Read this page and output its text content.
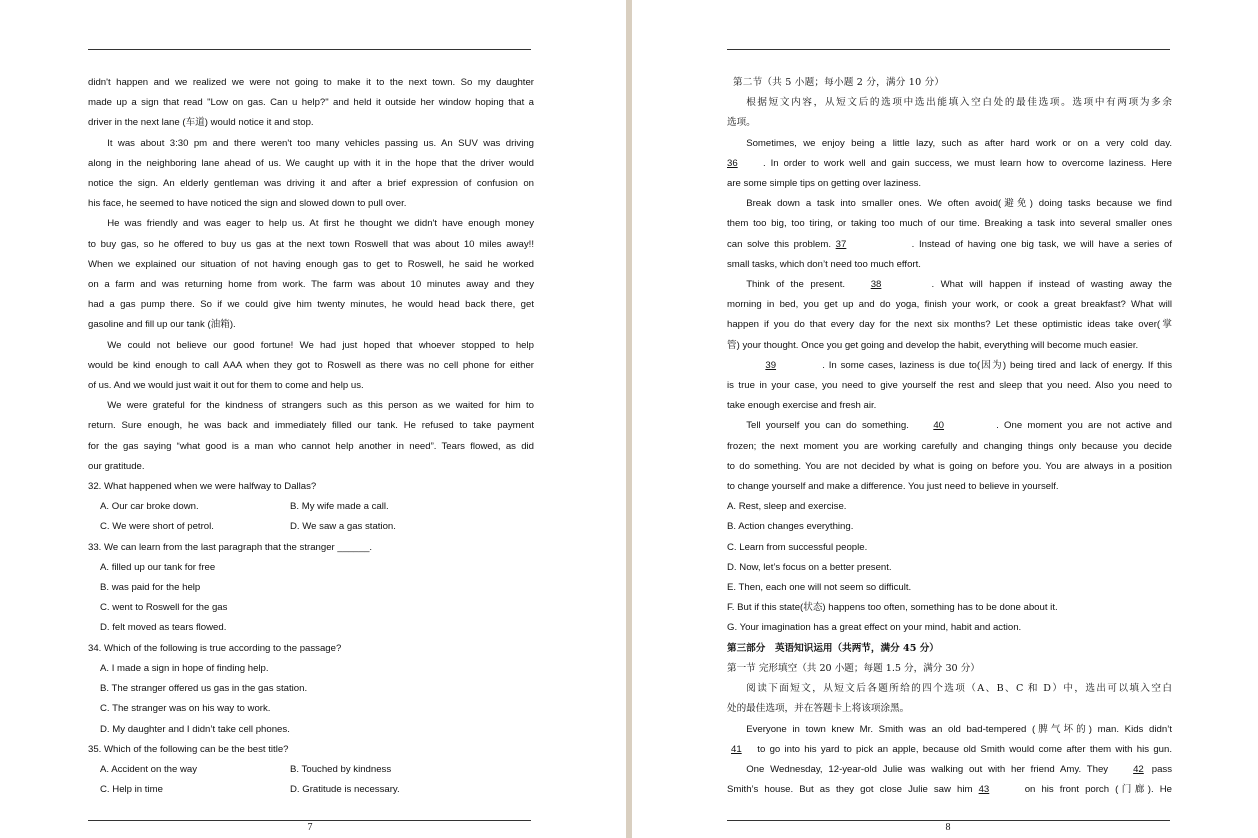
didn't happen and we realized we were not going to make it to the next town. So my daughter
made up a sign that read "Low on gas. Can u help?" and held it outside her window hoping that a
driver in the next lane (车道) would notice it and stop.
It was about 3:30 pm and there weren't too many vehicles passing us. An SUV was driving
along in the neighboring lane ahead of us. We caught up with it in the hope that the driver would
notice the sign. An elderly gentleman was driving it and after a brief expression of confusion on
his face, he seemed to have noticed the sign and slowed down to pull over.
He was friendly and was eager to help us. At first he thought we didn't have enough money
to buy gas, so he offered to buy us gas at the next town Roswell that was about 10 miles away!!
When we explained our situation of not having enough gas to get to Roswell, he said he worked
on a farm and was returning home from work. The farm was about 10 minutes away and they
had a gas pump there. So if we could give him twenty minutes, he would head back there, get
gasoline and fill up our tank (油箱).
We could not believe our good fortune! We had just hoped that whoever stopped to help
would be kind enough to call AAA when they got to Roswell as there was no cell phone for either
of us. And we would just wait it out for them to come and help us.
We were grateful for the kindness of strangers such as this person as we waited for him to
return. Sure enough, he was back and immediately filled our tank. He refused to take payment
for the gas saying “what good is a man who cannot help another in need”. Tears flowed, as did
our gratitude.
32. What happened when we were halfway to Dallas?
A. Our car broke down.	B. My wife made a call.
C. We were short of petrol.	D. We saw a gas station.
33. We can learn from the last paragraph that the stranger ______.
A. filled up our tank for free
B. was paid for the help
C. went to Roswell for the gas
D. felt moved as tears flowed.
34. Which of the following is true according to the passage?
A. I made a sign in hope of finding help.
B. The stranger offered us gas in the gas station.
C. The stranger was on his way to work.
D. My daughter and I didn’t take cell phones.
35. Which of the following can be the best title?
A. Accident on the way	B. Touched by kindness
C. Help in time	D. Gratitude is necessary.
7
第二节（共 5 小题；每小题 2 分，满分 10 分）
根据短文内容，从短文后的选项中选出能填入空白处的最佳选项。选项中有两项为多余
选项。
Sometimes, we enjoy being a little lazy, such as after hard work or on a very cold day.
36	. In order to work well and gain success, we must learn how to overcome laziness. Here
are some simple tips on getting over laziness.
Break down a task into smaller ones. We often avoid(避免) doing tasks because we find
them too big, too tiring, or taking too much of our time. Breaking a task into several smaller ones
can solve this problem. 37	. Instead of having one big task, we will have a series of
small tasks, which don’t need too much effort.
Think of the present.	38	. What will happen if instead of wasting away the
morning in bed, you get up and do yoga, finish your work, or cook a great breakfast? What will
happen if you do that every day for the next six months? Let these optimistic ideas take over(掌
管) your thought. Once you get going and develop the habit, everything will become much easier.
39	. In some cases, laziness is due to(因为) being tired and lack of energy. If this
is true in your case, you need to give yourself the rest and sleep that you need. Also you need to
take enough exercise and fresh air.
Tell yourself you can do something.	40	. One moment you are not active and
frozen; the next moment you are working carefully and changing things only because you decide
to do something. You are not decided by what is going on before you. You are always in a position
to change yourself and make a difference. You just need to believe in yourself.
A. Rest, sleep and exercise.
B. Action changes everything.
C. Learn from successful people.
D. Now, let’s focus on a better present.
E. Then, each one will not seem so difficult.
F. But if this state(状态) happens too often, something has to be done about it.
G. Your imagination has a great effect on your mind, habit and action.
第三部分　英语知识运用（共两节，满分 45 分）
第一节 完形填空（共 20 小题；每题 1.5 分，满分 30 分）
阅读下面短文，从短文后各题所给的四个选项（A、B、C 和 D）中，选出可以填入空白
处的最佳选项，并在答题卡上将该项涂黑。
Everyone in town knew Mr. Smith was an old bad-tempered (脾气坏的) man. Kids didn’t
41 to go into his yard to pick an apple, because old Smith would come after them with his gun.
One Wednesday, 12-year-old Julie was walking out with her friend Amy. They	42 pass
Smith’s house. But as they got close Julie saw him 43	on his front porch (门廊). He
8
